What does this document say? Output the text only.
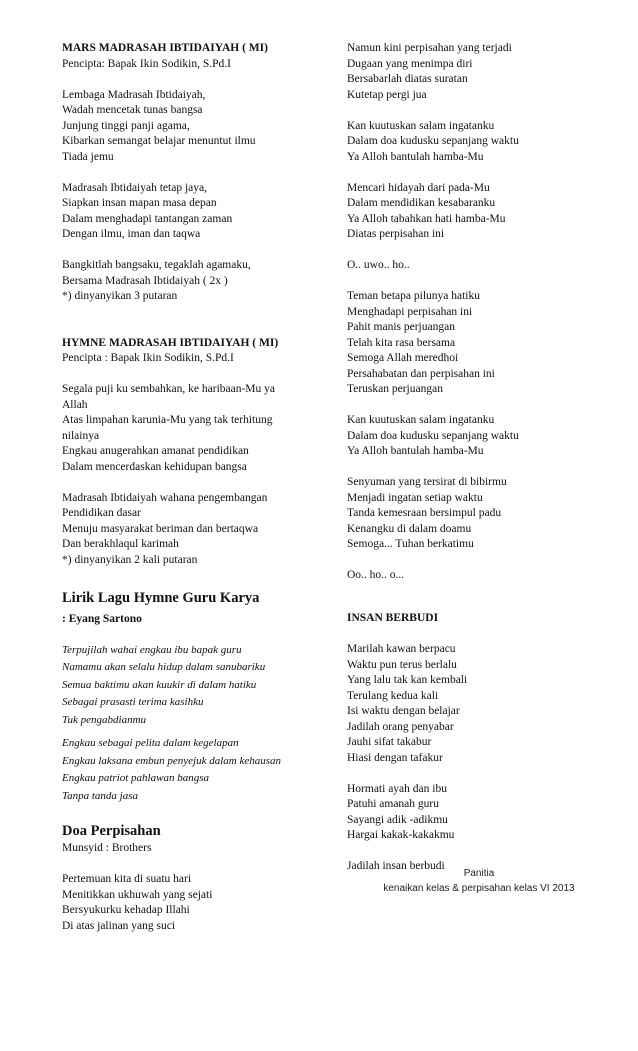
MARS MADRASAH IBTIDAIYAH ( MI)
Pencipta: Bapak Ikin Sodikin, S.Pd.I
Lembaga Madrasah Ibtidaiyah,
Wadah mencetak tunas bangsa
Junjung tinggi panji agama,
Kibarkan semangat belajar menuntut ilmu
Tiada jemu
Madrasah Ibtidaiyah tetap jaya,
Siapkan insan mapan masa depan
Dalam menghadapi tantangan zaman
Dengan ilmu, iman dan taqwa
Bangkitlah bangsaku, tegaklah agamaku,
Bersama Madrasah Ibtidaiyah ( 2x )
*) dinyanyikan 3 putaran
HYMNE MADRASAH IBTIDAIYAH ( MI)
Pencipta : Bapak Ikin Sodikin, S.Pd.I
Segala puji ku sembahkan, ke haribaan-Mu ya
Allah
Atas limpahan karunia-Mu yang tak terhitung
nilainya
Engkau anugerahkan amanat pendidikan
Dalam mencerdaskan kehidupan bangsa
Madrasah Ibtidaiyah wahana pengembangan
Pendidikan dasar
Menuju masyarakat beriman dan bertaqwa
Dan berakhlaqul karimah
*) dinyanyikan 2 kali putaran
Lirik Lagu Hymne Guru Karya
: Eyang Sartono
Terpujilah wahai engkau ibu bapak guru
Namamu akan selalu hidup dalam sanubariku
Semua baktimu akan kuukir di dalam hatiku
Sebagai prasasti terima kasihku
Tuk pengabdianmu
Engkau sebagai pelita dalam kegelapan
Engkau laksana embun penyejuk dalam kehausan
Engkau patriot pahlawan bangsa
Tanpa tanda jasa
Doa Perpisahan
Munsyid : Brothers
Pertemuan kita di suatu hari
Menitikkan ukhuwah yang sejati
Bersyukurku kehadap Illahi
Di atas jalinan yang suci
Namun kini perpisahan yang terjadi
Dugaan yang menimpa diri
Bersabarlah diatas suratan
Kutetap pergi jua
Kan kuutuskan salam ingatanku
Dalam doa kudusku sepanjang waktu
Ya Alloh bantulah hamba-Mu
Mencari hidayah dari pada-Mu
Dalam mendidikan kesabaranku
Ya Alloh tabahkan hati hamba-Mu
Diatas perpisahan ini
O.. uwo.. ho..
Teman betapa pilunya hatiku
Menghadapi perpisahan ini
Pahit manis perjuangan
Telah kita rasa bersama
Semoga Allah meredhoi
Persahabatan dan perpisahan ini
Teruskan perjuangan
Kan kuutuskan salam ingatanku
Dalam doa kudusku sepanjang waktu
Ya Alloh bantulah hamba-Mu
Senyuman yang tersirat di bibirmu
Menjadi ingatan setiap waktu
Tanda kemesraan bersimpul padu
Kenangku di dalam doamu
Semoga... Tuhan berkatimu
Oo.. ho.. o...
INSAN BERBUDI
Marilah kawan berpacu
Waktu pun terus berlalu
Yang lalu tak kan kembali
Terulang kedua kali
Isi waktu dengan belajar
Jadilah orang penyabar
Jauhi sifat takabur
Hiasi dengan tafakur
Hormati ayah dan ibu
Patuhi amanah guru
Sayangi adik -adikmu
Hargai kakak-kakakmu
Jadilah insan berbudi
Panitia
kenaikan kelas & perpisahan kelas VI 2013
